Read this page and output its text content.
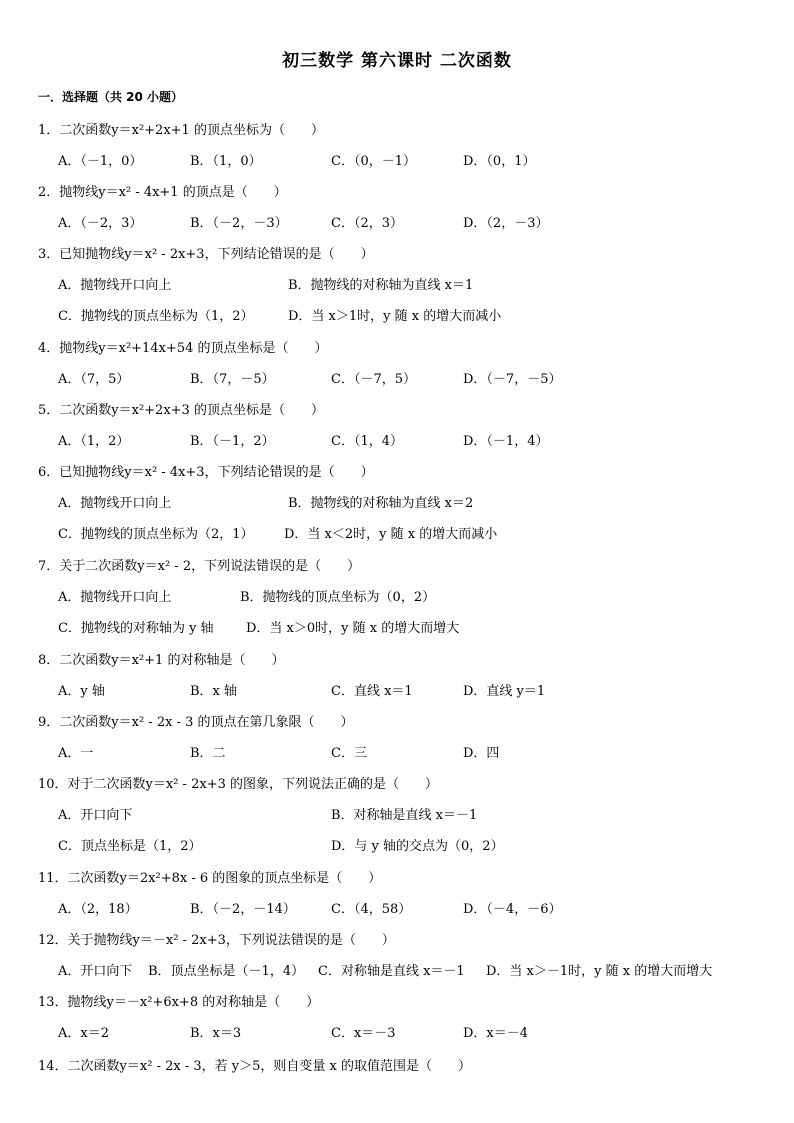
初三数学 第六课时 二次函数
一．选择题（共 20 小题）
1．二次函数y＝x²+2x+1 的顶点坐标为（　　）
A．（－1，0）	B．（1，0）	C．（0，－1）	D．（0，1）
2．抛物线y＝x² - 4x+1 的顶点是（　　）
A．（－2，3）	B．（－2，－3）	C．（2，3）	D．（2，－3）
3．已知抛物线y＝x² - 2x+3，下列结论错误的是（　　）
A．抛物线开口向上	B．抛物线的对称轴为直线 x＝1
C．抛物线的顶点坐标为（1，2）	D．当 x＞1时，y 随 x 的增大而减小
4．抛物线y＝x²+14x+54 的顶点坐标是（　　）
A．（7，5）	B．（7，－5）	C．（－7，5）	D．（－7，－5）
5．二次函数y＝x²+2x+3 的顶点坐标是（　　）
A．（1，2）	B．（－1，2）	C．（1，4）	D．（－1，4）
6．已知抛物线y＝x² - 4x+3，下列结论错误的是（　　）
A．抛物线开口向上	B．抛物线的对称轴为直线 x＝2
C．抛物线的顶点坐标为（2，1） D．当 x＜2时，y 随 x 的增大而减小
7．关于二次函数y＝x² - 2，下列说法错误的是（　　）
A．抛物线开口向上	B．抛物线的顶点坐标为（0，2）
C．抛物线的对称轴为 y 轴 D．当 x＞0时，y 随 x 的增大而增大
8．二次函数y＝x²+1 的对称轴是（　　）
A．y 轴	B．x 轴	C．直线 x＝1	D．直线 y＝1
9．二次函数y＝x² - 2x - 3 的顶点在第几象限（　　）
A．一	B．二	C．三	D．四
10．对于二次函数y＝x² - 2x+3 的图象，下列说法正确的是（　　）
A．开口向下	B．对称轴是直线 x＝－1
C．顶点坐标是（1，2）	D．与 y 轴的交点为（0，2）
11．二次函数y＝2x²+8x - 6 的图象的顶点坐标是（　　）
A．（2，18）	B．（－2，－14）	C．（4，58）	D．（－4，－6）
12．关于抛物线y＝－x² - 2x+3，下列说法错误的是（　　）
A．开口向下 B．顶点坐标是（－1，4） C．对称轴是直线 x＝－1 D．当 x＞－1时，y 随 x 的增大而增大
13．抛物线y＝－x²+6x+8 的对称轴是（　　）
A．x＝2	B．x＝3	C．x＝－3	D．x＝－4
14．二次函数y＝x² - 2x - 3，若 y＞5，则自变量 x 的取值范围是（　　）
